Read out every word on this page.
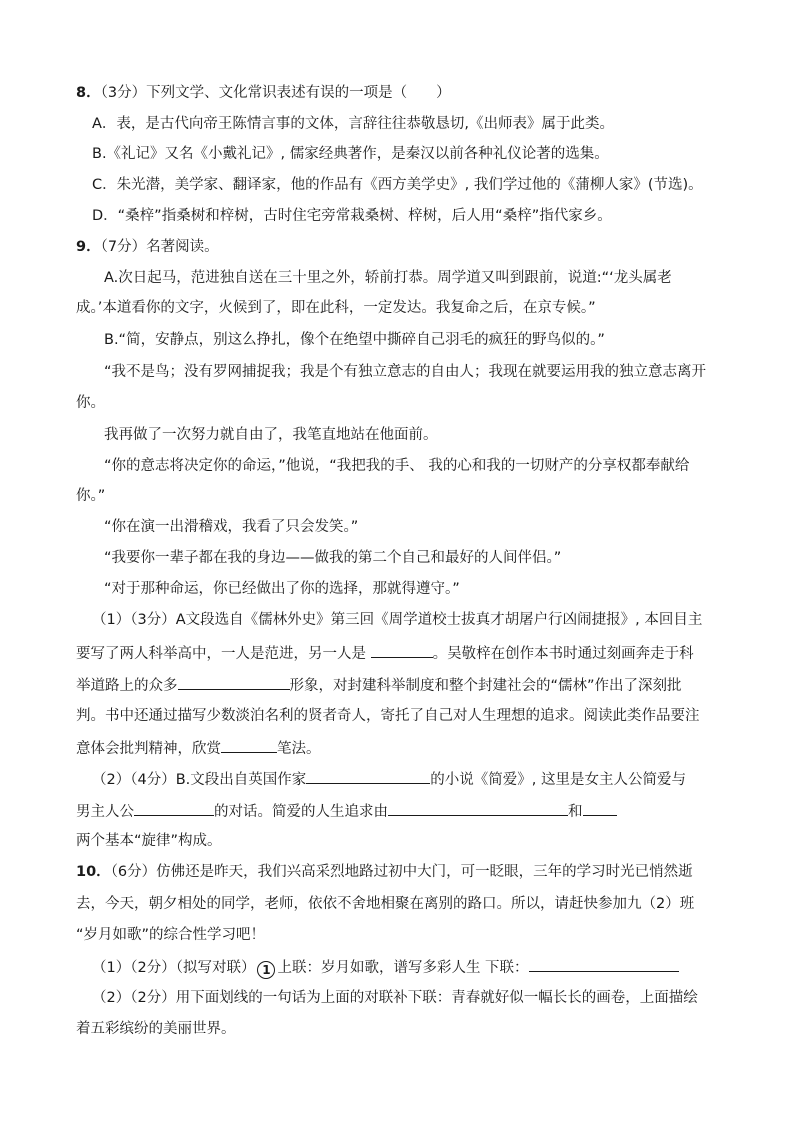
8．（3分）下列文学、文化常识表述有误的一项是（　　）
A．表，是古代向帝王陈情言事的文体，言辞往往恭敬恳切,《出师表》属于此类。
B.《礼记》又名《小戴礼记》, 儒家经典著作，是秦汉以前各种礼仪论著的选集。
C．朱光潜，美学家、翻译家，他的作品有《西方美学史》, 我们学过他的《蒲柳人家》(节选)。
D．“桑梓”指桑树和梓树，古时住宅旁常栽桑树、梓树，后人用“桑梓”指代家乡。
9．（7分）名著阅读。
A.次日起马，范进独自送在三十里之外，轿前打恭。周学道又叫到跟前，说道:“‘龙头属老
成。’本道看你的文字，火候到了，即在此科，一定发达。我复命之后，在京专候。”
B.“简，安静点，别这么挣扎，像个在绝望中撕碎自己羽毛的疯狂的野鸟似的。”
“我不是鸟；没有罗网捕捉我；我是个有独立意志的自由人；我现在就要运用我的独立意志离开
你。
我再做了一次努力就自由了，我笔直地站在他面前。
“你的意志将决定你的命运，”他说，“我把我的手、 我的心和我的一切财产的分享权都奉献给
你。”
“你在演一出滑稽戏，我看了只会发笑。”
“我要你一辈子都在我的身边——做我的第二个自己和最好的人间伴侣。”
“对于那种命运，你已经做出了你的选择，那就得遵守。”
（1）（3分）A文段选自《儒林外史》第三回《周学道校士拔真才胡屠户行凶闹捷报》, 本回目主
要写了两人科举高中，一人是范进，另一人是	。吴敬梓在创作本书时通过刻画奔走于科
举道路上的众多	形象，对封建科举制度和整个封建社会的“儒林”作出了深刻批
判。书中还通过描写少数淡泊名利的贤者奇人，寄托了自己对人生理想的追求。阅读此类作品要注
意体会批判精神，欣赏	笔法。
（2）（4分）B.文段出自英国作家	的小说《简爱》, 这里是女主人公简爱与
男主人公	的对话。简爱的人生追求由	和
两个基本“旋律”构成。
10．（6分）仿佛还是昨天，我们兴高采烈地路过初中大门，可一眨眼，三年的学习时光已悄然逝
去，今天，朝夕相处的同学，老师，依依不舍地相聚在离别的路口。所以，请赶快参加九（2）班
“岁月如歌”的综合性学习吧！
（1）（2分）（拟写对联） 1 上联：岁月如歌，谱写多彩人生 下联：
（2）（2分）用下面划线的一句话为上面的对联补下联：青春就好似一幅长长的画卷，上面描绘
着五彩缤纷的美丽世界。
